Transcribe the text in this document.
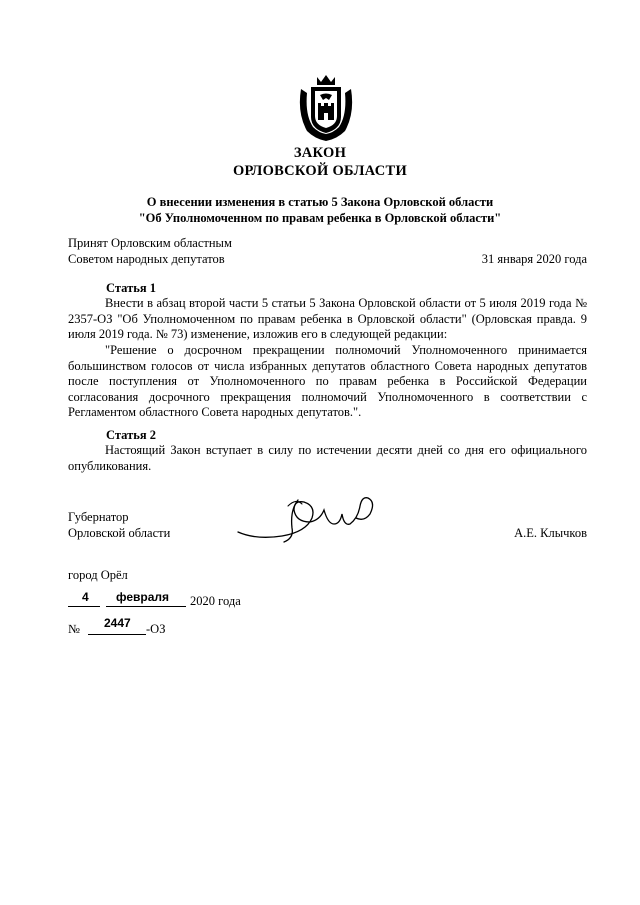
ЗАКОН
ОРЛОВСКОЙ ОБЛАСТИ
О внесении изменения в статью 5 Закона Орловской области
"Об Уполномоченном по правам ребенка в Орловской области"
Принят Орловским областным
Советом народных депутатов	31 января 2020 года
Статья 1
Внести в абзац второй части 5 статьи 5 Закона Орловской области от 5 июля 2019 года № 2357-ОЗ "Об Уполномоченном по правам ребенка в Орловской области" (Орловская правда. 9 июля 2019 года. № 73) изменение, изложив его в следующей редакции:
"Решение о досрочном прекращении полномочий Уполномоченного принимается большинством голосов от числа избранных депутатов областного Совета народных депутатов после поступления от Уполномоченного по правам ребенка в Российской Федерации согласования досрочного прекращения полномочий Уполномоченного в соответствии с Регламентом областного Совета народных депутатов.".
Статья 2
Настоящий Закон вступает в силу по истечении десяти дней со дня его официального опубликования.
Губернатор
Орловской области	А.Е. Клычков
город Орёл
4 февраля 2020 года
№ 2447 -ОЗ
